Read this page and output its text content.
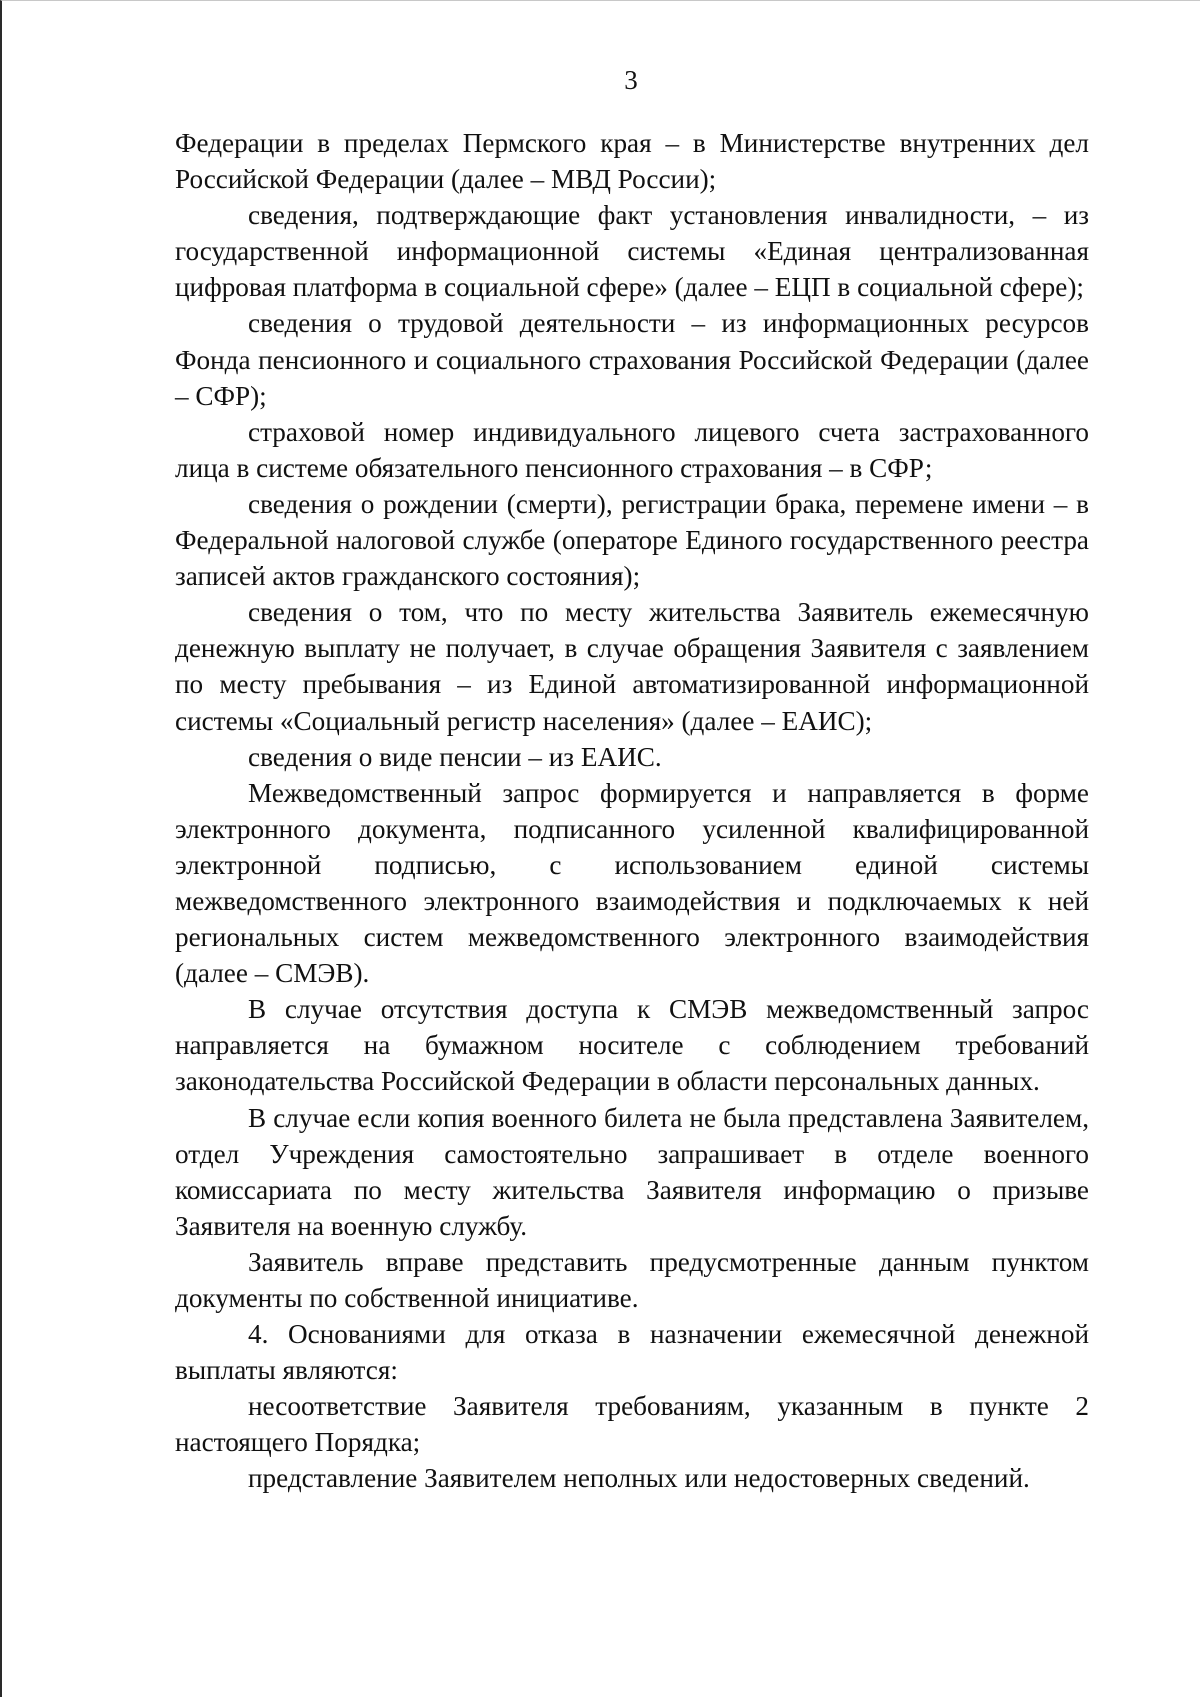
3

Федерации в пределах Пермского края – в Министерстве внутренних дел Российской Федерации (далее – МВД России);

сведения, подтверждающие факт установления инвалидности, – из государственной информационной системы «Единая централизованная цифровая платформа в социальной сфере» (далее – ЕЦП в социальной сфере);

сведения о трудовой деятельности – из информационных ресурсов Фонда пенсионного и социального страхования Российской Федерации (далее – СФР);

страховой номер индивидуального лицевого счета застрахованного лица в системе обязательного пенсионного страхования – в СФР;

сведения о рождении (смерти), регистрации брака, перемене имени – в Федеральной налоговой службе (операторе Единого государственного реестра записей актов гражданского состояния);

сведения о том, что по месту жительства Заявитель ежемесячную денежную выплату не получает, в случае обращения Заявителя с заявлением по месту пребывания – из Единой автоматизированной информационной системы «Социальный регистр населения» (далее – ЕАИС);

сведения о виде пенсии – из ЕАИС.

Межведомственный запрос формируется и направляется в форме электронного документа, подписанного усиленной квалифицированной электронной подписью, с использованием единой системы межведомственного электронного взаимодействия и подключаемых к ней региональных систем межведомственного электронного взаимодействия (далее – СМЭВ).

В случае отсутствия доступа к СМЭВ межведомственный запрос направляется на бумажном носителе с соблюдением требований законодательства Российской Федерации в области персональных данных.

В случае если копия военного билета не была представлена Заявителем, отдел Учреждения самостоятельно запрашивает в отделе военного комиссариата по месту жительства Заявителя информацию о призыве Заявителя на военную службу.

Заявитель вправе представить предусмотренные данным пунктом документы по собственной инициативе.

4. Основаниями для отказа в назначении ежемесячной денежной выплаты являются:

несоответствие Заявителя требованиям, указанным в пункте 2 настоящего Порядка;

представление Заявителем неполных или недостоверных сведений.
